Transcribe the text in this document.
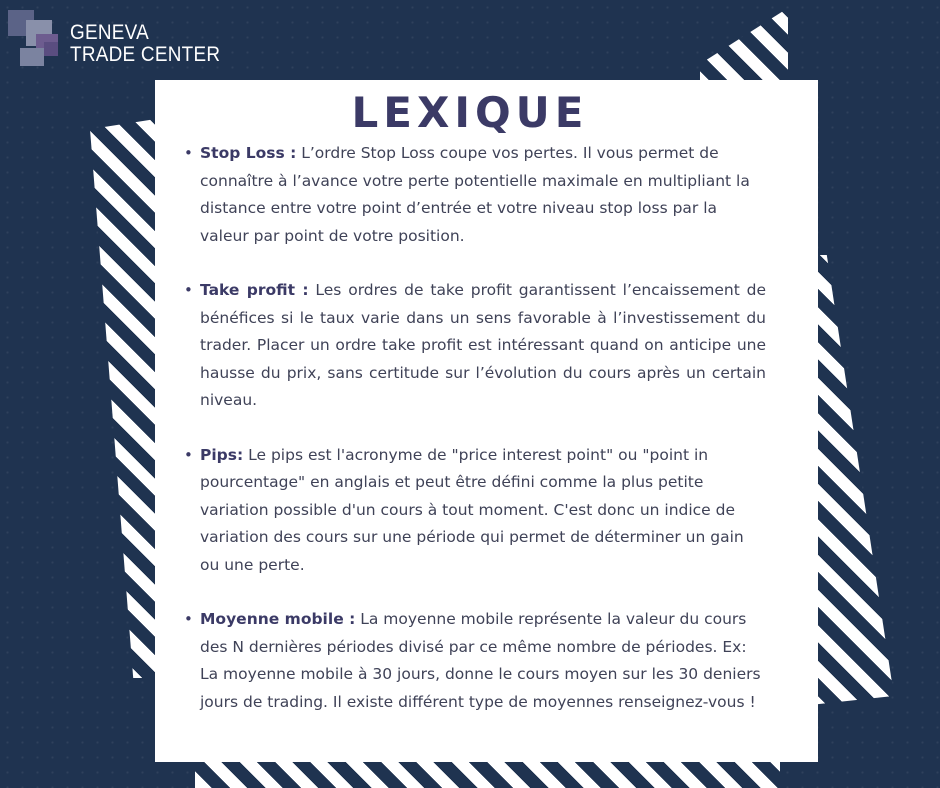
GENEVA
TRADE CENTER
LEXIQUE
• Stop Loss : L’ordre Stop Loss coupe vos pertes. Il vous permet de connaître à l’avance votre perte potentielle maximale en multipliant la distance entre votre point d’entrée et votre niveau stop loss par la valeur par point de votre position.
• Take profit : Les ordres de take profit garantissent l’encaissement de bénéfices si le taux varie dans un sens favorable à l’investissement du trader. Placer un ordre take profit est intéressant quand on anticipe une hausse du prix, sans certitude sur l’évolution du cours après un certain niveau.
• Pips: Le pips est l'acronyme de "price interest point" ou "point in pourcentage" en anglais et peut être défini comme la plus petite variation possible d'un cours à tout moment. C'est donc un indice de variation des cours sur une période qui permet de déterminer un gain ou une perte.
• Moyenne mobile : La moyenne mobile représente la valeur du cours des N dernières périodes divisé par ce même nombre de périodes. Ex: La moyenne mobile à 30 jours, donne le cours moyen sur les 30 deniers jours de trading. Il existe différent type de moyennes renseignez-vous !
